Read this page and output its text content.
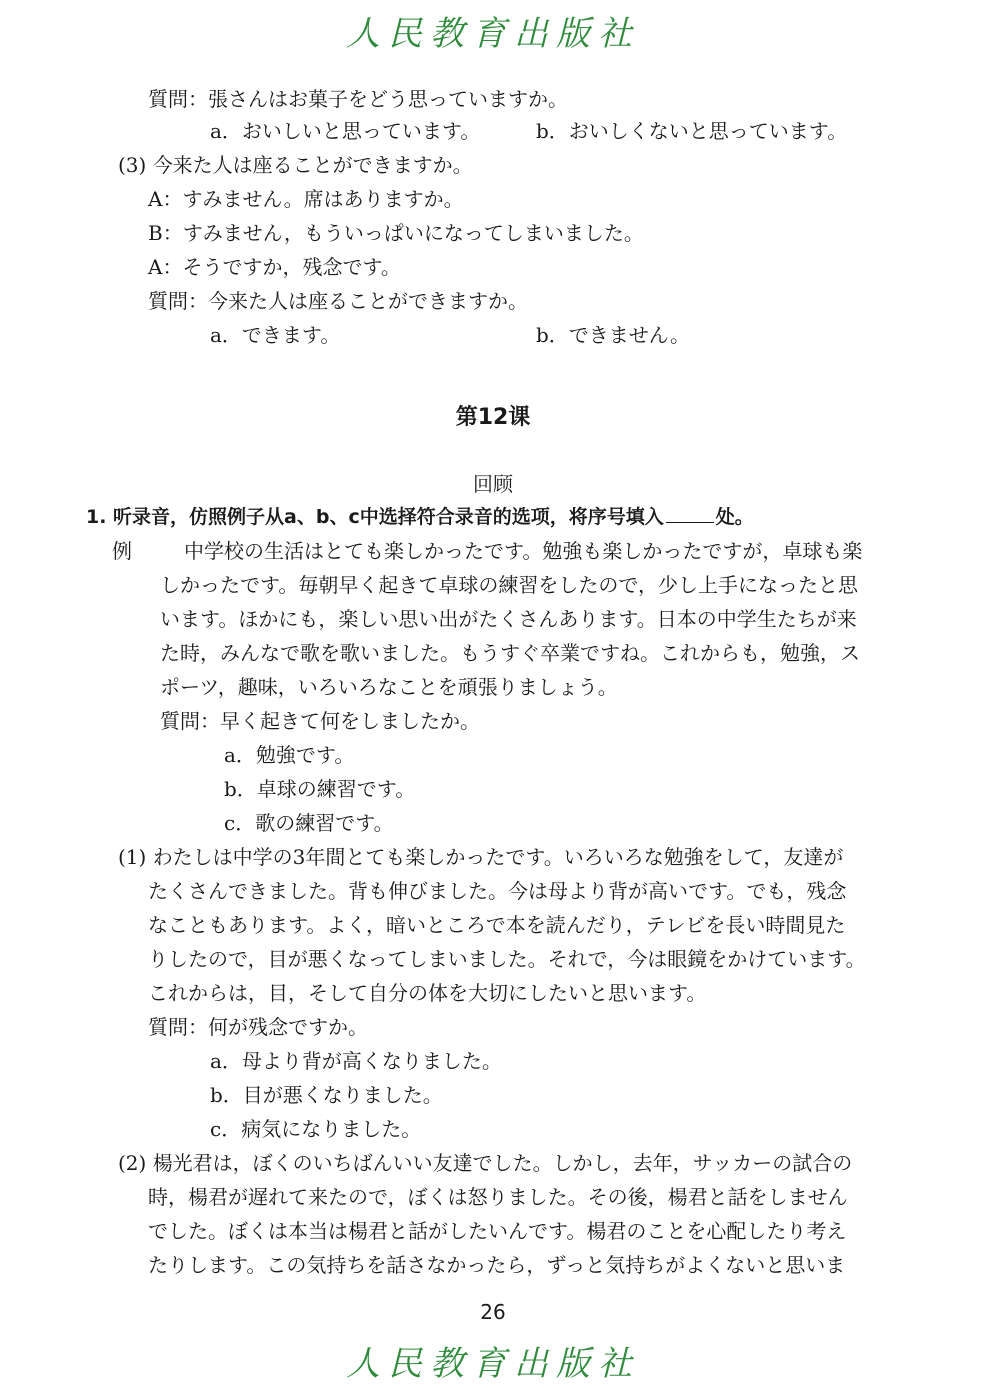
人民教育出版社
質問：張さんはお菓子をどう思っていますか。
a．おいしいと思っています。	b．おいしくないと思っています。
(3) 今来た人は座ることができますか。
A：すみません。席はありますか。
B：すみません，もういっぱいになってしまいました。
A：そうですか，残念です。
質問：今来た人は座ることができますか。
a．できます。	b．できません。
第12课
回顾
1. 听录音，仿照例子从a、b、c中选择符合录音的选项，将序号填入	处。
例	中学校の生活はとても楽しかったです。勉強も楽しかったですが，卓球も楽
しかったです。毎朝早く起きて卓球の練習をしたので，少し上手になったと思
います。ほかにも，楽しい思い出がたくさんあります。日本の中学生たちが来
た時，みんなで歌を歌いました。もうすぐ卒業ですね。これからも，勉強，ス
ポーツ，趣味，いろいろなことを頑張りましょう。
質問：早く起きて何をしましたか。
a．勉強です。
b．卓球の練習です。
c．歌の練習です。
(1) わたしは中学の3年間とても楽しかったです。いろいろな勉強をして，友達が
たくさんできました。背も伸びました。今は母より背が高いです。でも，残念
なこともあります。よく，暗いところで本を読んだり，テレビを長い時間見た
りしたので，目が悪くなってしまいました。それで，今は眼鏡をかけています。
これからは，目，そして自分の体を大切にしたいと思います。
質問：何が残念ですか。
a．母より背が高くなりました。
b．目が悪くなりました。
c．病気になりました。
(2) 楊光君は，ぼくのいちばんいい友達でした。しかし，去年，サッカーの試合の
時，楊君が遅れて来たので，ぼくは怒りました。その後，楊君と話をしません
でした。ぼくは本当は楊君と話がしたいんです。楊君のことを心配したり考え
たりします。この気持ちを話さなかったら，ずっと気持ちがよくないと思いま
26
人民教育出版社
